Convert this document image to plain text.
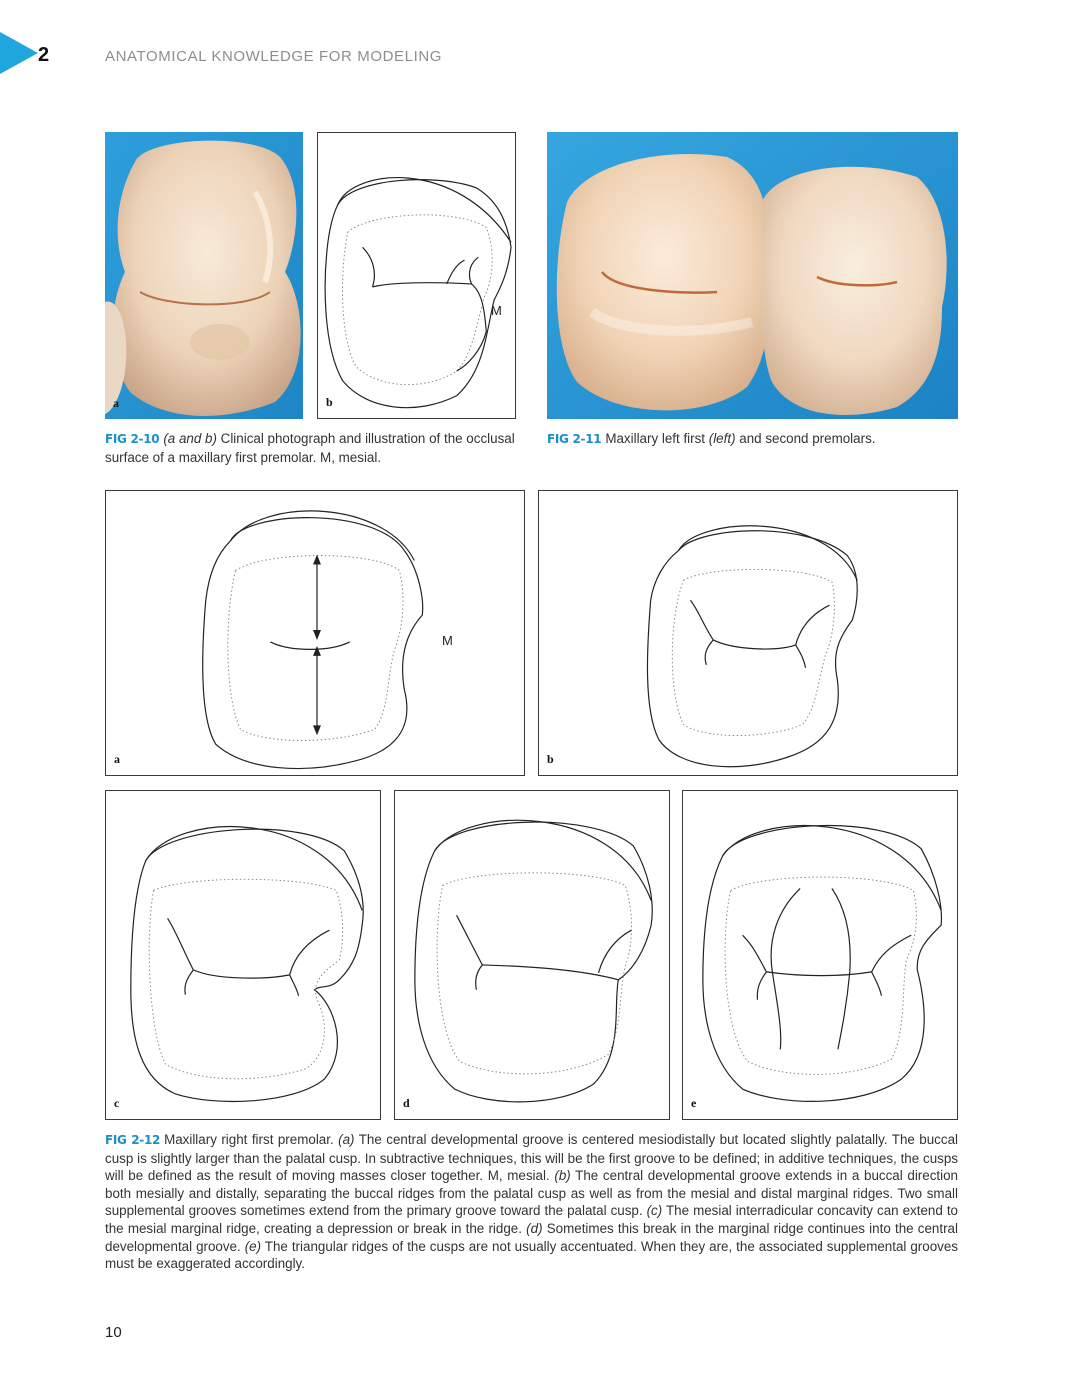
2	ANATOMICAL KNOWLEDGE FOR MODELING
a
M
b
FIG 2-10 (a and b) Clinical photograph and illustration of the occlusal surface of a maxillary first premolar. M, mesial.
FIG 2-11 Maxillary left first (left) and second premolars.
M
a	b
c	d	e
FIG 2-12 Maxillary right first premolar. (a) The central developmental groove is centered mesiodistally but located slightly palatally. The buccal cusp is slightly larger than the palatal cusp. In subtractive techniques, this will be the first groove to be defined; in additive techniques, the cusps will be defined as the result of moving masses closer together. M, mesial. (b) The central developmental groove extends in a buccal direction both mesially and distally, separating the buccal ridges from the palatal cusp as well as from the mesial and distal marginal ridges. Two small supplemental grooves sometimes extend from the primary groove toward the palatal cusp. (c) The mesial interradicular concavity can extend to the mesial marginal ridge, creating a depression or break in the ridge. (d) Sometimes this break in the marginal ridge continues into the central developmental groove. (e) The triangular ridges of the cusps are not usually accentuated. When they are, the associated supplemental grooves must be exaggerated accordingly.
10
